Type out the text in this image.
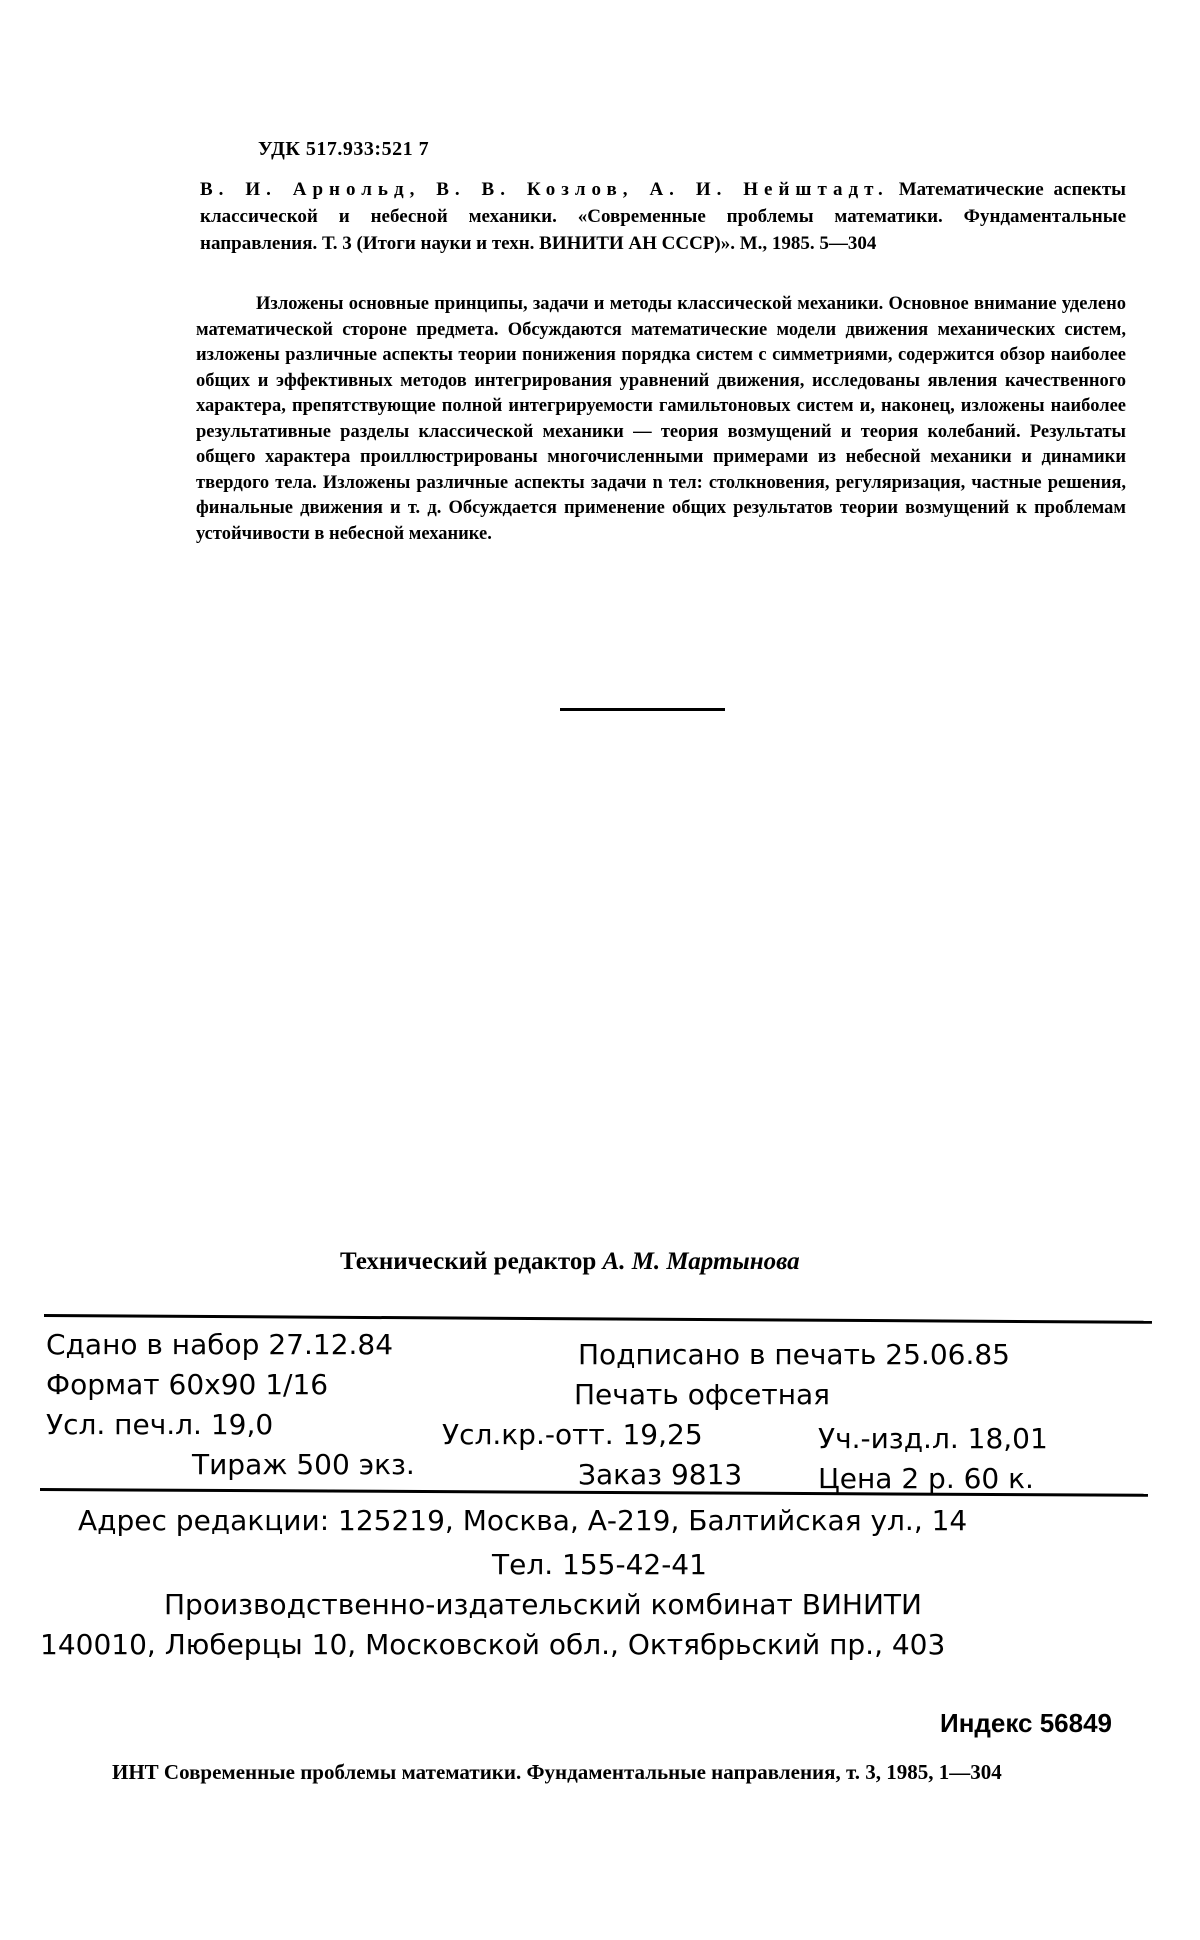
УДК 517.933:521 7
В. И. Арнольд, В. В. Козлов, А. И. Нейштадт. Математические аспекты классической и небесной механики. «Современные проблемы математики. Фундаментальные направления. Т. 3 (Итоги науки и техн. ВИНИТИ АН СССР)». М., 1985. 5—304
Изложены основные принципы, задачи и методы классической механики. Основное внимание уделено математической стороне предмета. Обсуждаются математические модели движения механических систем, изложены различные аспекты теории понижения порядка систем с симметриями, содержится обзор наиболее общих и эффективных методов интегрирования уравнений движения, исследованы явления качественного характера, препятствующие полной интегрируемости гамильтоновых систем и, наконец, изложены наиболее результативные разделы классической механики — теория возмущений и теория колебаний. Результаты общего характера проиллюстрированы многочисленными примерами из небесной механики и динамики твердого тела. Изложены различные аспекты задачи n тел: столкновения, регуляризация, частные решения, финальные движения и т. д. Обсуждается применение общих результатов теории возмущений к проблемам устойчивости в небесной механике.
Технический редактор А. М. Мартынова
Сдано в набор 27.12.84	Подписано в печать 25.06.85
Формат 60x90 1/16	Печать офсетная
Усл. печ.л. 19,0	Усл.кр.-отт. 19,25	Уч.-изд.л. 18,01
Тираж 500 экз.	Заказ 9813	Цена 2 р. 60 к.
Адрес редакции: 125219, Москва, А-219, Балтийская ул., 14
Тел. 155-42-41
Производственно-издательский комбинат ВИНИТИ
140010, Люберцы 10, Московской обл., Октябрьский пр., 403
Индекс 56849
ИНТ Современные проблемы математики. Фундаментальные направления, т. 3, 1985, 1—304
